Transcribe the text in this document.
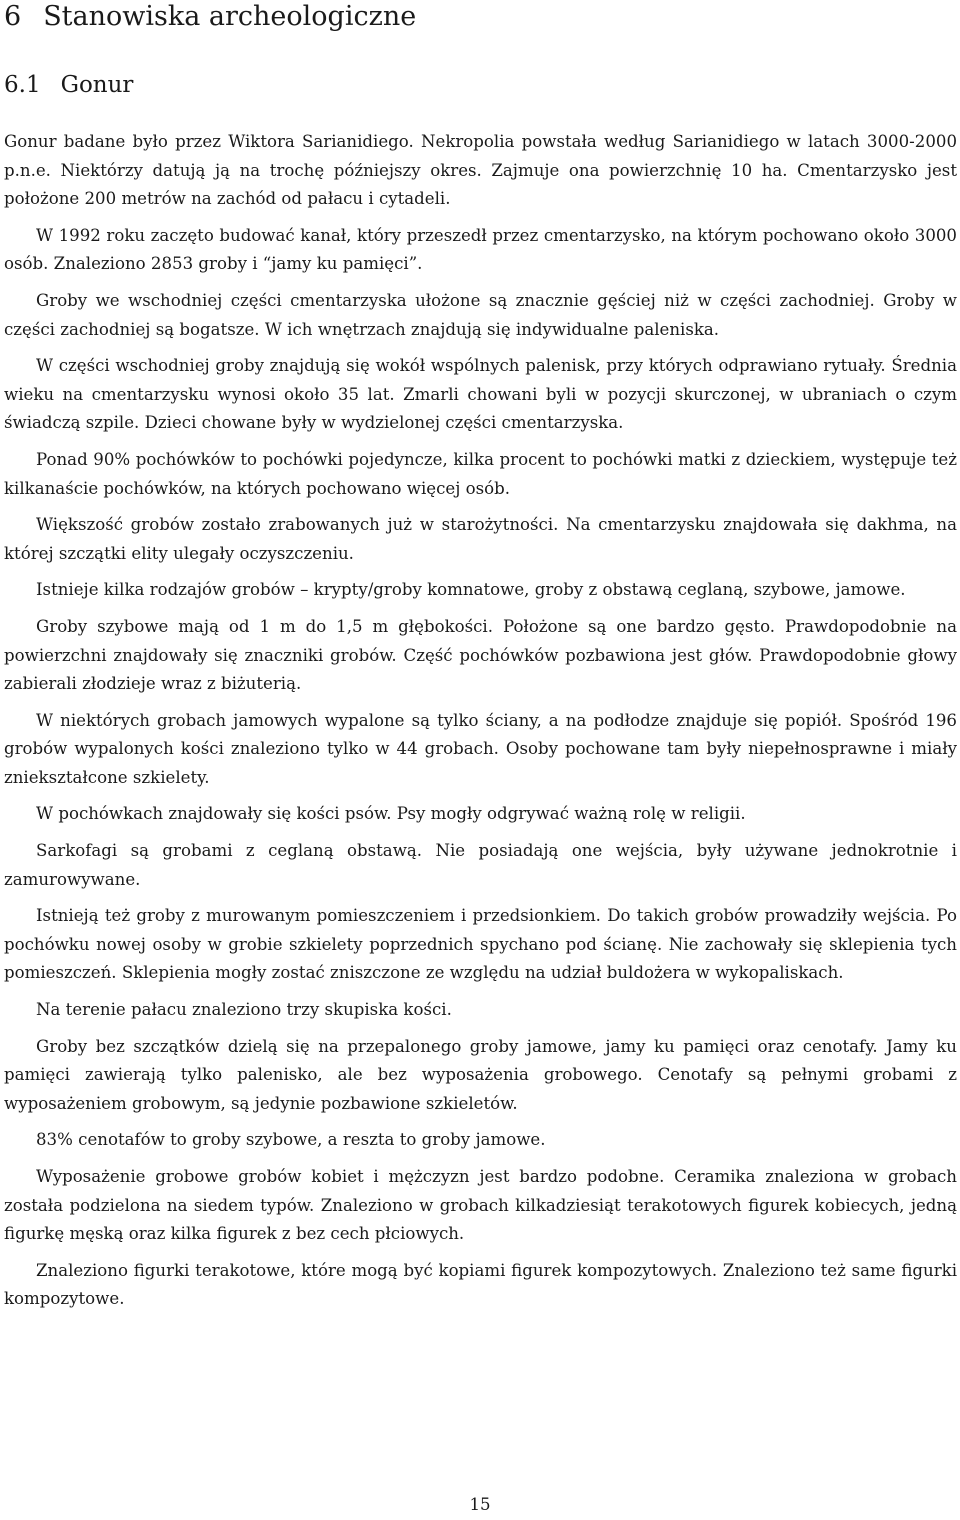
6 Stanowiska archeologiczne
6.1 Gonur

Gonur badane było przez Wiktora Sarianidiego. Nekropolia powstała według Sarianidiego w latach 3000-2000 p.n.e. Niektórzy datują ją na trochę późniejszy okres. Zajmuje ona powierzchnię 10 ha. Cmentarzysko jest położone 200 metrów na zachód od pałacu i cytadeli.

W 1992 roku zaczęto budować kanał, który przeszedł przez cmentarzysko, na którym pochowano około 3000 osób. Znaleziono 2853 groby i “jamy ku pamięci”.

Groby we wschodniej części cmentarzyska ułożone są znacznie gęściej niż w części zachodniej. Groby w części zachodniej są bogatsze. W ich wnętrzach znajdują się indywidualne paleniska.

W części wschodniej groby znajdują się wokół wspólnych palenisk, przy których odprawiano rytuały. Średnia wieku na cmentarzysku wynosi około 35 lat. Zmarli chowani byli w pozycji skurczonej, w ubraniach o czym świadczą szpile. Dzieci chowane były w wydzielonej części cmentarzyska.

Ponad 90% pochówków to pochówki pojedyncze, kilka procent to pochówki matki z dzieckiem, występuje też kilkanaście pochówków, na których pochowano więcej osób.

Większość grobów zostało zrabowanych już w starożytności. Na cmentarzysku znajdowała się dakhma, na której szczątki elity ulegały oczyszczeniu.

Istnieje kilka rodzajów grobów – krypty/groby komnatowe, groby z obstawą ceglaną, szybowe, jamowe.

Groby szybowe mają od 1 m do 1,5 m głębokości. Położone są one bardzo gęsto. Prawdopodobnie na powierzchni znajdowały się znaczniki grobów. Część pochówków pozbawiona jest głów. Prawdopodobnie głowy zabierali złodzieje wraz z biżuterią.

W niektórych grobach jamowych wypalone są tylko ściany, a na podłodze znajduje się popiół. Spośród 196 grobów wypalonych kości znaleziono tylko w 44 grobach. Osoby pochowane tam były niepełnosprawne i miały zniekształcone szkielety.

W pochówkach znajdowały się kości psów. Psy mogły odgrywać ważną rolę w religii.

Sarkofagi są grobami z ceglaną obstawą. Nie posiadają one wejścia, były używane jednokrotnie i zamurowywane.

Istnieją też groby z murowanym pomieszczeniem i przedsionkiem. Do takich grobów prowadziły wejścia. Po pochówku nowej osoby w grobie szkielety poprzednich spychano pod ścianę. Nie zachowały się sklepienia tych pomieszczeń. Sklepienia mogły zostać zniszczone ze względu na udział buldożera w wykopaliskach.

Na terenie pałacu znaleziono trzy skupiska kości.

Groby bez szczątków dzielą się na przepalonego groby jamowe, jamy ku pamięci oraz cenotafy. Jamy ku pamięci zawierają tylko palenisko, ale bez wyposażenia grobowego. Cenotafy są pełnymi grobami z wyposażeniem grobowym, są jedynie pozbawione szkieletów.

83% cenotafów to groby szybowe, a reszta to groby jamowe.

Wyposażenie grobowe grobów kobiet i mężczyzn jest bardzo podobne. Ceramika znaleziona w grobach została podzielona na siedem typów. Znaleziono w grobach kilkadziesiąt terakotowych figurek kobiecych, jedną figurkę męską oraz kilka figurek z bez cech płciowych.

Znaleziono figurki terakotowe, które mogą być kopiami figurek kompozytowych. Znaleziono też same figurki kompozytowe.

15
